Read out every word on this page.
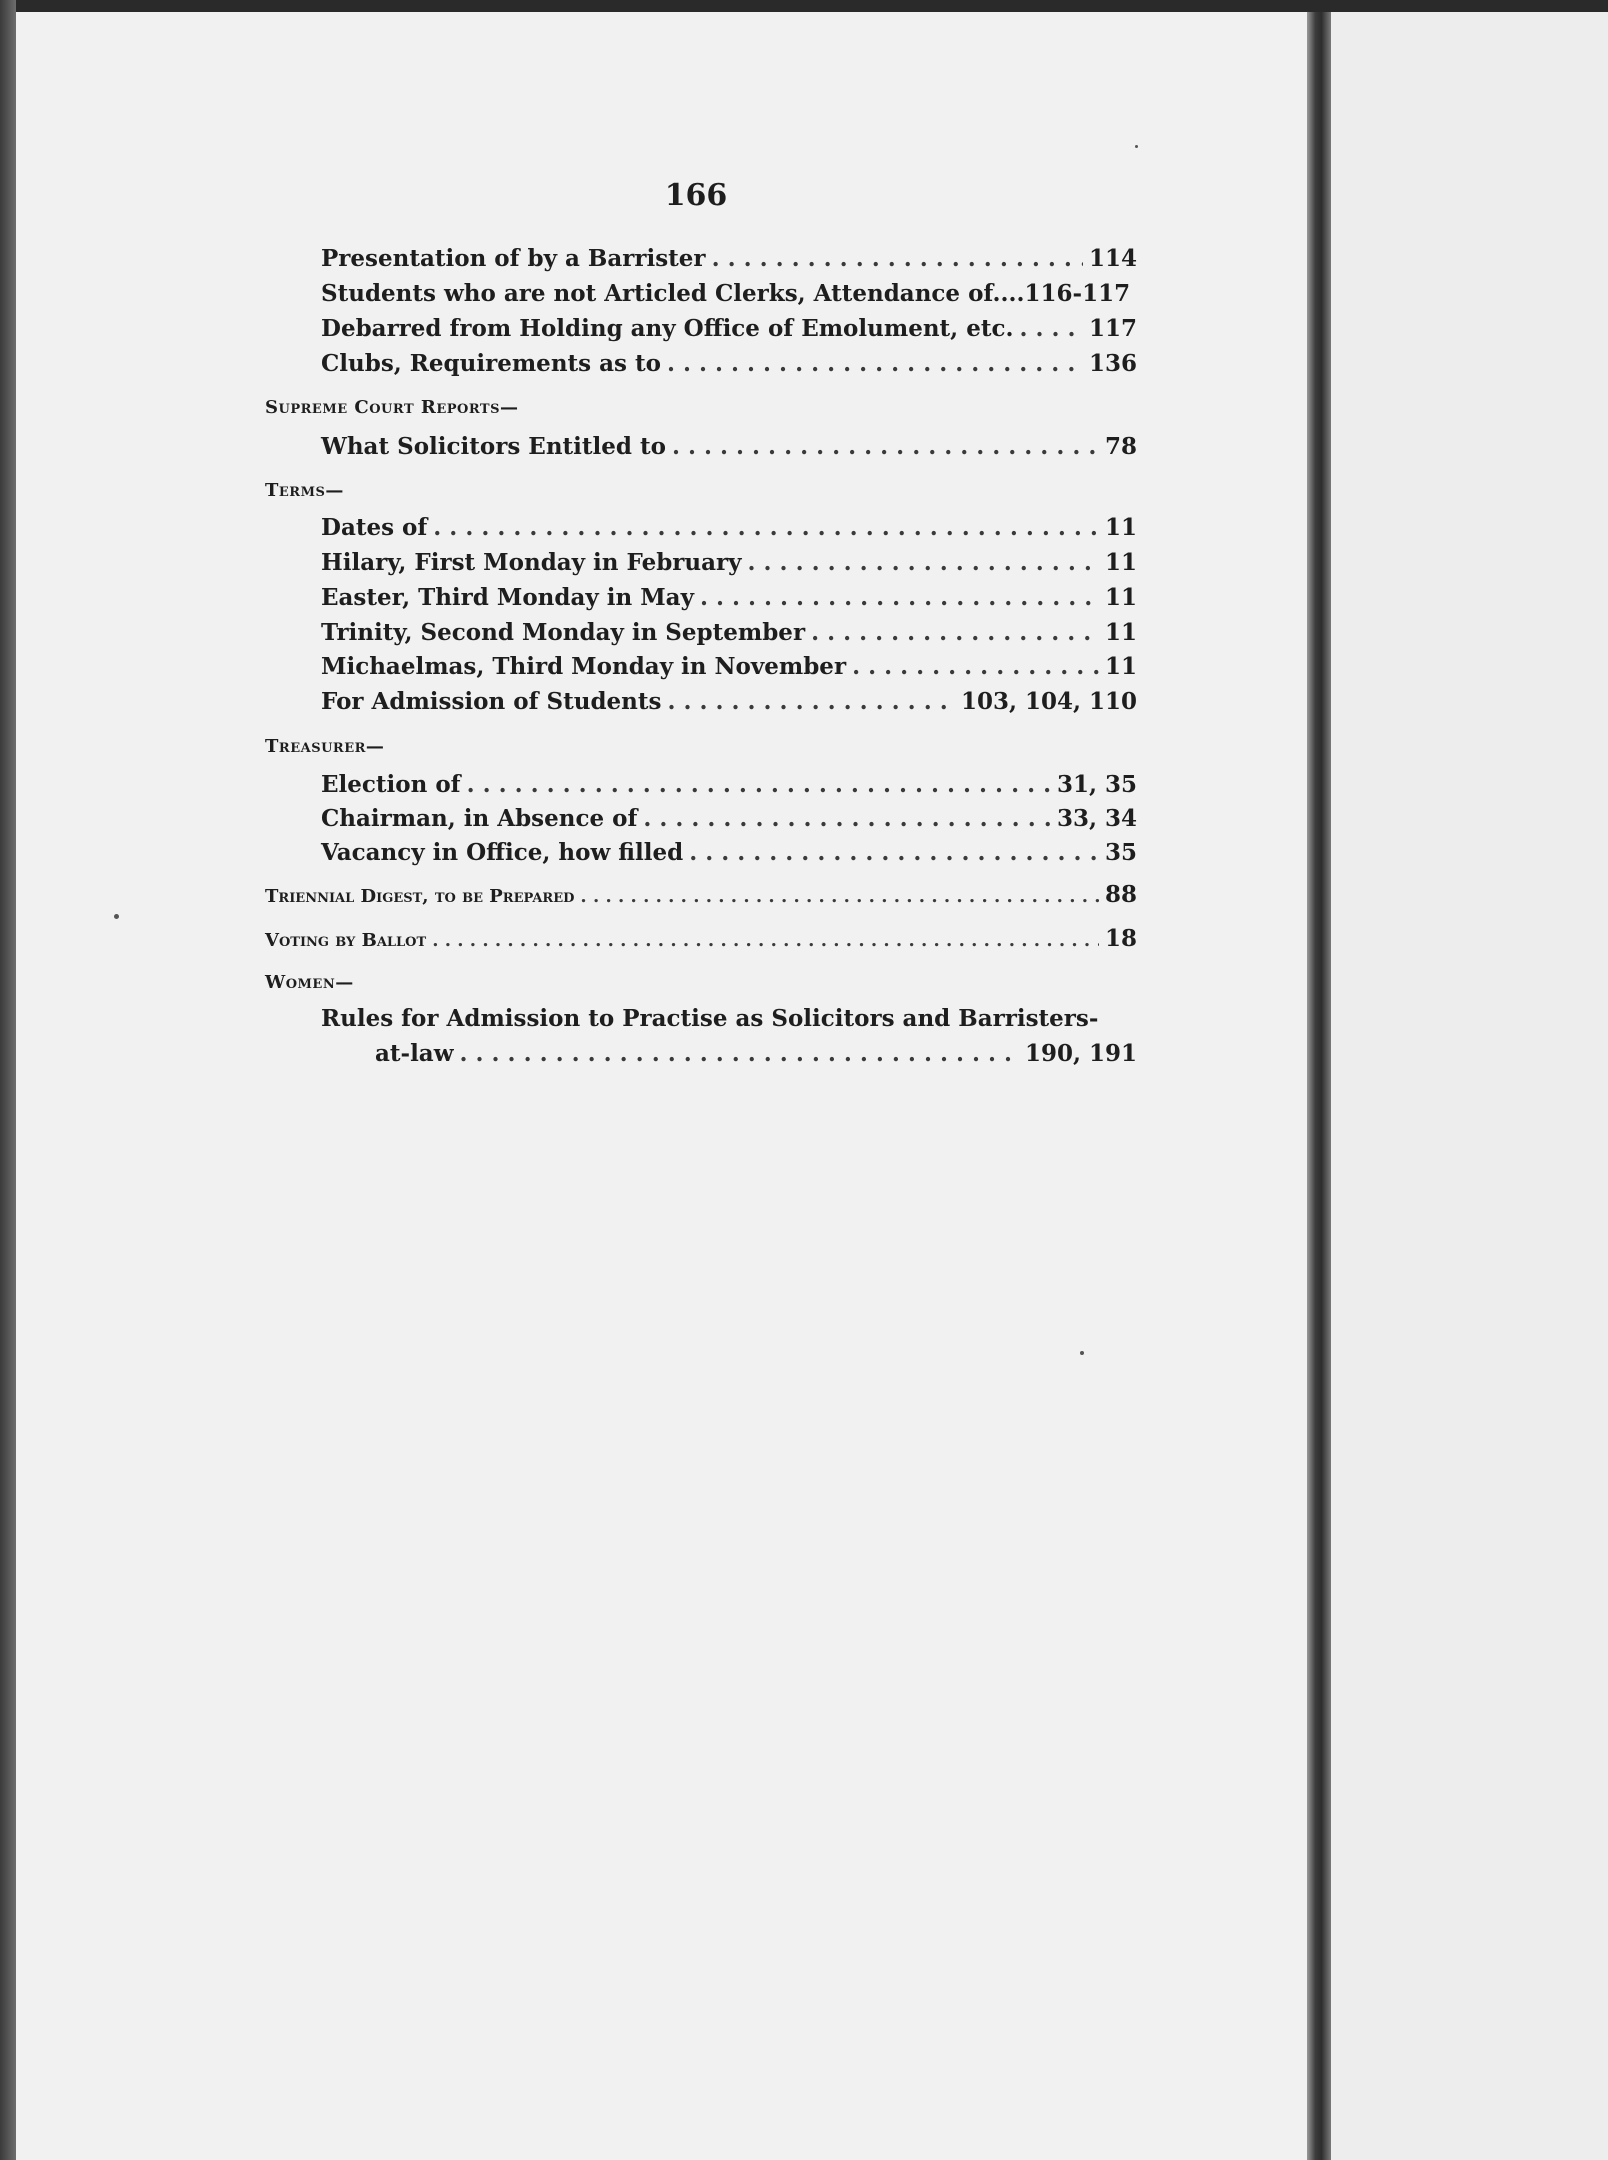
166
Presentation of by a Barrister . . .	114
Students who are not Articled Clerks, Attendance of....116-117
Debarred from Holding any Office of Emolument, etc. . . .	117
Clubs, Requirements as to . . .	136
Supreme Court Reports—
What Solicitors Entitled to . . .	78
Terms—
Dates of . . .	11
Hilary, First Monday in February . . .	11
Easter, Third Monday in May . . .	11
Trinity, Second Monday in September . . .	11
Michaelmas, Third Monday in November . . .	11
For Admission of Students . . .	103, 104, 110
Treasurer—
Election of . . .	31, 35
Chairman, in Absence of . . .	33, 34
Vacancy in Office, how filled . . .	35
Triennial Digest, to be Prepared . . .	88
Voting by Ballot . . .	18
Women—
Rules for Admission to Practise as Solicitors and Barristers-
at-law . . .	190, 191
